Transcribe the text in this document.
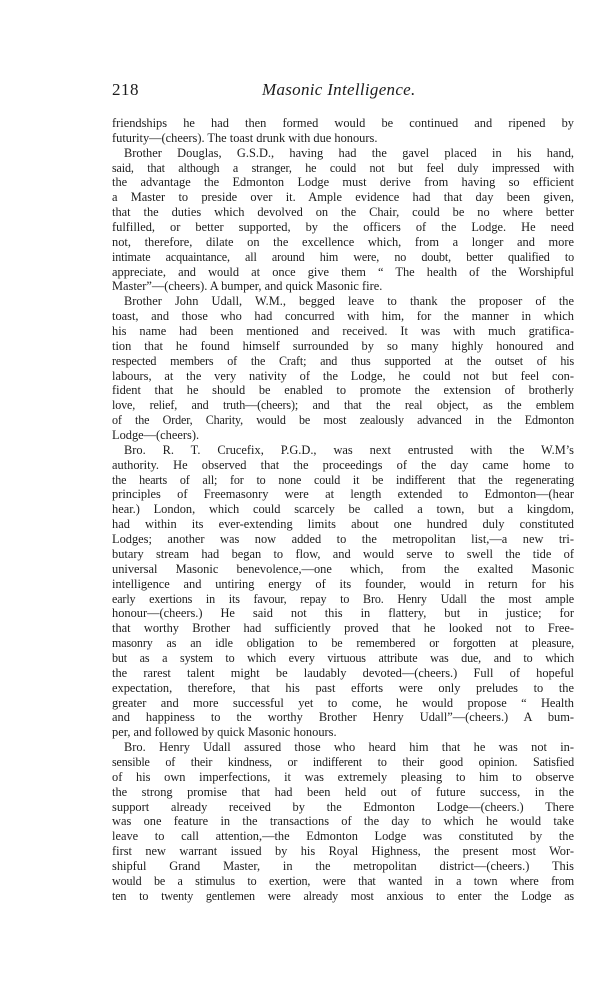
218	Masonic Intelligence.
friendships he had then formed would be continued and ripened by
futurity—(cheers). The toast drunk with due honours.
Brother Douglas, G.S.D., having had the gavel placed in his hand,
said, that although a stranger, he could not but feel duly impressed with
the advantage the Edmonton Lodge must derive from having so efficient
a Master to preside over it. Ample evidence had that day been given,
that the duties which devolved on the Chair, could be no where better
fulfilled, or better supported, by the officers of the Lodge. He need
not, therefore, dilate on the excellence which, from a longer and more
intimate acquaintance, all around him were, no doubt, better qualified to
appreciate, and would at once give them “ The health of the Worshipful
Master”—(cheers). A bumper, and quick Masonic fire.
Brother John Udall, W.M., begged leave to thank the proposer of the
toast, and those who had concurred with him, for the manner in which
his name had been mentioned and received. It was with much gratifica-
tion that he found himself surrounded by so many highly honoured and
respected members of the Craft; and thus supported at the outset of his
labours, at the very nativity of the Lodge, he could not but feel con-
fident that he should be enabled to promote the extension of brotherly
love, relief, and truth—(cheers); and that the real object, as the emblem
of the Order, Charity, would be most zealously advanced in the Edmonton
Lodge—(cheers).
Bro. R. T. Crucefix, P.G.D., was next entrusted with the W.M’s
authority. He observed that the proceedings of the day came home to
the hearts of all; for to none could it be indifferent that the regenerating
principles of Freemasonry were at length extended to Edmonton—(hear
hear.) London, which could scarcely be called a town, but a kingdom,
had within its ever-extending limits about one hundred duly constituted
Lodges; another was now added to the metropolitan list,—a new tri-
butary stream had began to flow, and would serve to swell the tide of
universal Masonic benevolence,—one which, from the exalted Masonic
intelligence and untiring energy of its founder, would in return for his
early exertions in its favour, repay to Bro. Henry Udall the most ample
honour—(cheers.) He said not this in flattery, but in justice; for
that worthy Brother had sufficiently proved that he looked not to Free-
masonry as an idle obligation to be remembered or forgotten at pleasure,
but as a system to which every virtuous attribute was due, and to which
the rarest talent might be laudably devoted—(cheers.) Full of hopeful
expectation, therefore, that his past efforts were only preludes to the
greater and more successful yet to come, he would propose “ Health
and happiness to the worthy Brother Henry Udall”—(cheers.) A bum-
per, and followed by quick Masonic honours.
Bro. Henry Udall assured those who heard him that he was not in-
sensible of their kindness, or indifferent to their good opinion. Satisfied
of his own imperfections, it was extremely pleasing to him to observe
the strong promise that had been held out of future success, in the
support already received by the Edmonton Lodge—(cheers.) There
was one feature in the transactions of the day to which he would take
leave to call attention,—the Edmonton Lodge was constituted by the
first new warrant issued by his Royal Highness, the present most Wor-
shipful Grand Master, in the metropolitan district—(cheers.) This
would be a stimulus to exertion, were that wanted in a town where from
ten to twenty gentlemen were already most anxious to enter the Lodge as
